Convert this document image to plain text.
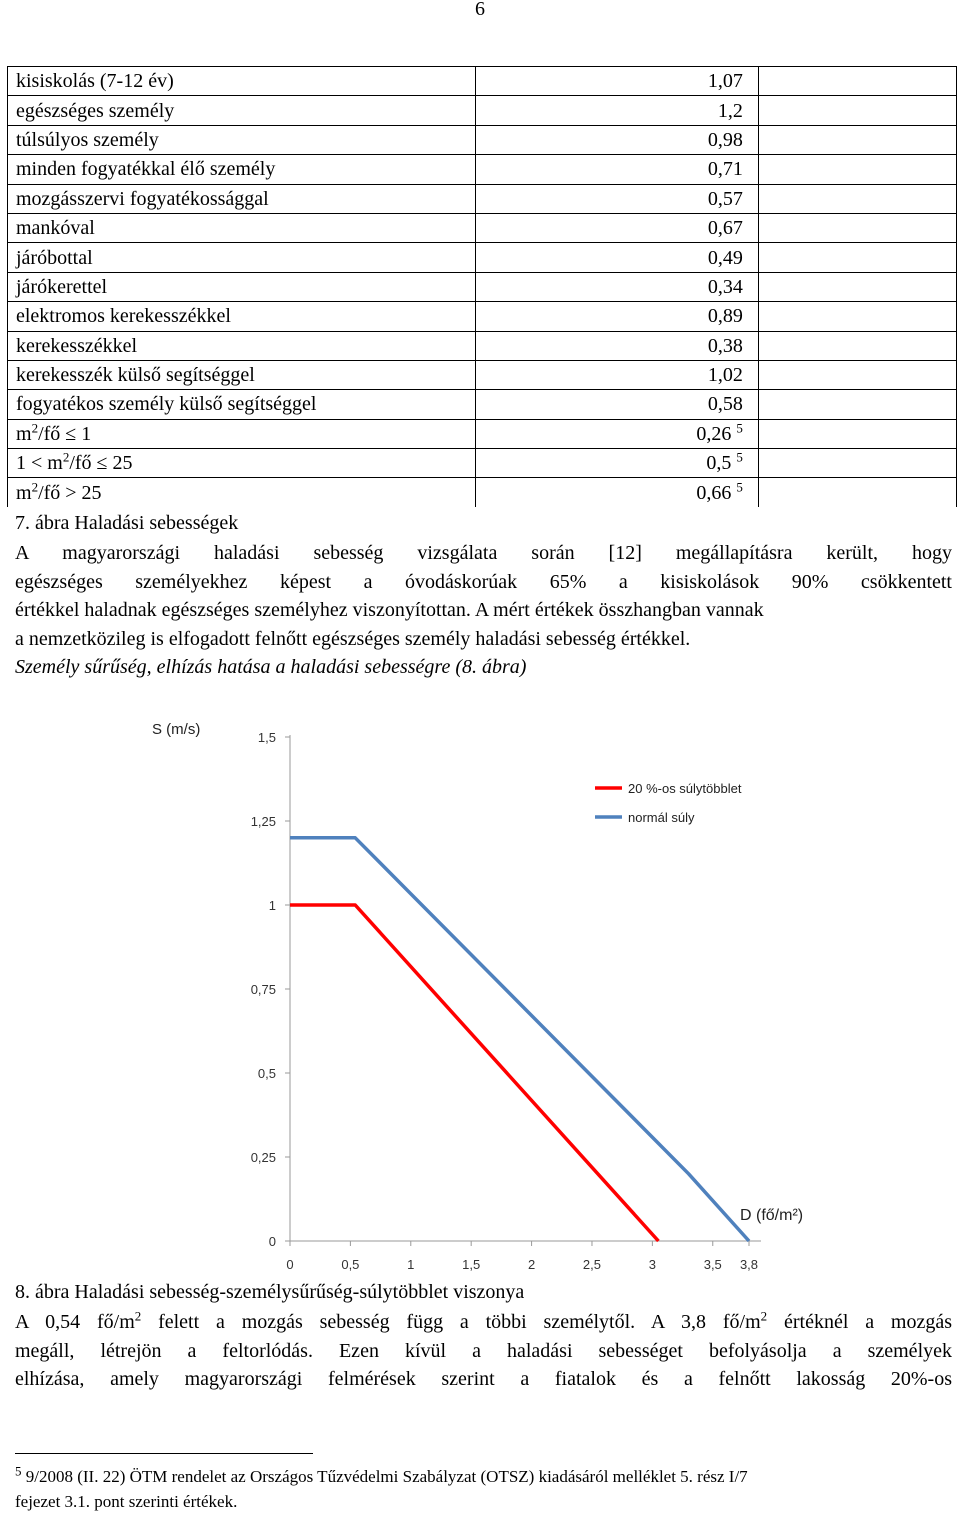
6
kisiskolás (7-12 év)	1,07	
egészséges személy	1,2	
túlsúlyos személy	0,98	
minden fogyatékkal élő személy	0,71	
mozgásszervi fogyatékossággal	0,57	
mankóval	0,67	
járóbottal	0,49	
járókerettel	0,34	
elektromos kerekesszékkel	0,89	
kerekesszékkel	0,38	
kerekesszék külső segítséggel	1,02	
fogyatékos személy külső segítséggel	0,58	
$m^2/fő \le 1$	0,26 $^5$	
$1 < m^2/fő \le 25$	0,5 $^5$	
$m^2/fő > 25$	0,66 $^5$	
7. ábra Haladási sebességek
A magyarországi haladási sebesség vizsgálata során [12] megállapításra került, hogy
egészséges személyekhez képest a óvodáskorúak 65% a kisiskolások 90% csökkentett
értékkel haladnak egészséges személyhez viszonyítottan. A mért értékek összhangban vannak
a nemzetközileg is elfogadott felnőtt egészséges személy haladási sebesség értékkel.
Személy sűrűség, elhízás hatása a haladási sebességre (8. ábra)
0
0,25
0,5
0,75
1
1,25
1,5
0	0,5	1	1,5	2	2,5	3	3,5 3,8
S (m/s)
D (fő/m²)
20 %-os súlytöbblet
normál súly
8. ábra Haladási sebesség-személysűrűség-súlytöbblet viszonya
A 0,54 $fő/m^2$ felett a mozgás sebesség függ a többi személytől. A 3,8 $fő/m^2$ értéknél a mozgás
megáll, létrejön a feltorlódás. Ezen kívül a haladási sebességet befolyásolja a személyek
elhízása, amely magyarországi felmérések szerint a fiatalok és a felnőtt lakosság 20%-os
$^5$ 9/2008 (II. 22) ÖTM rendelet az Országos Tűzvédelmi Szabályzat (OTSZ) kiadásáról melléklet 5. rész I/7
fejezet 3.1. pont szerinti értékek.
